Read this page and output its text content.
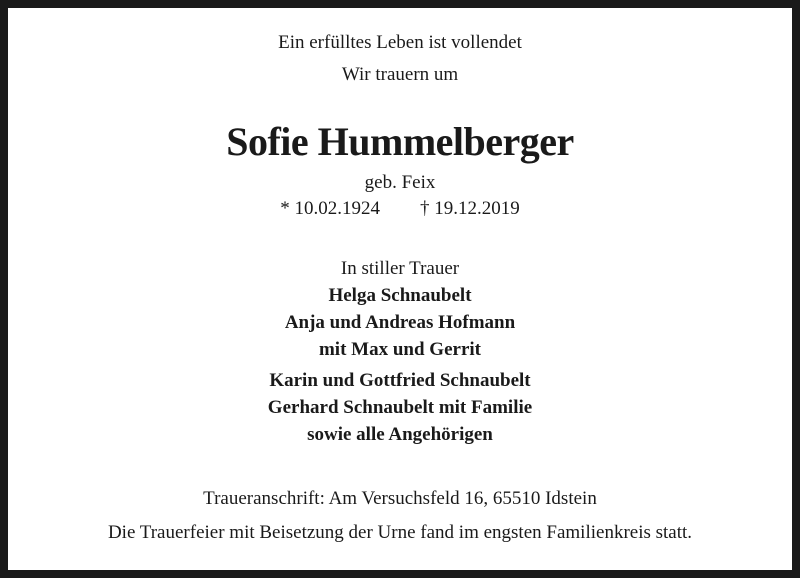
Ein erfülltes Leben ist vollendet
Wir trauern um
Sofie Hummelberger
geb. Feix
* 10.02.1924 † 19.12.2019
In stiller Trauer
Helga Schnaubelt
Anja und Andreas Hofmann
mit Max und Gerrit
Karin und Gottfried Schnaubelt
Gerhard Schnaubelt mit Familie
sowie alle Angehörigen
Traueranschrift: Am Versuchsfeld 16, 65510 Idstein
Die Trauerfeier mit Beisetzung der Urne fand im engsten Familienkreis statt.
